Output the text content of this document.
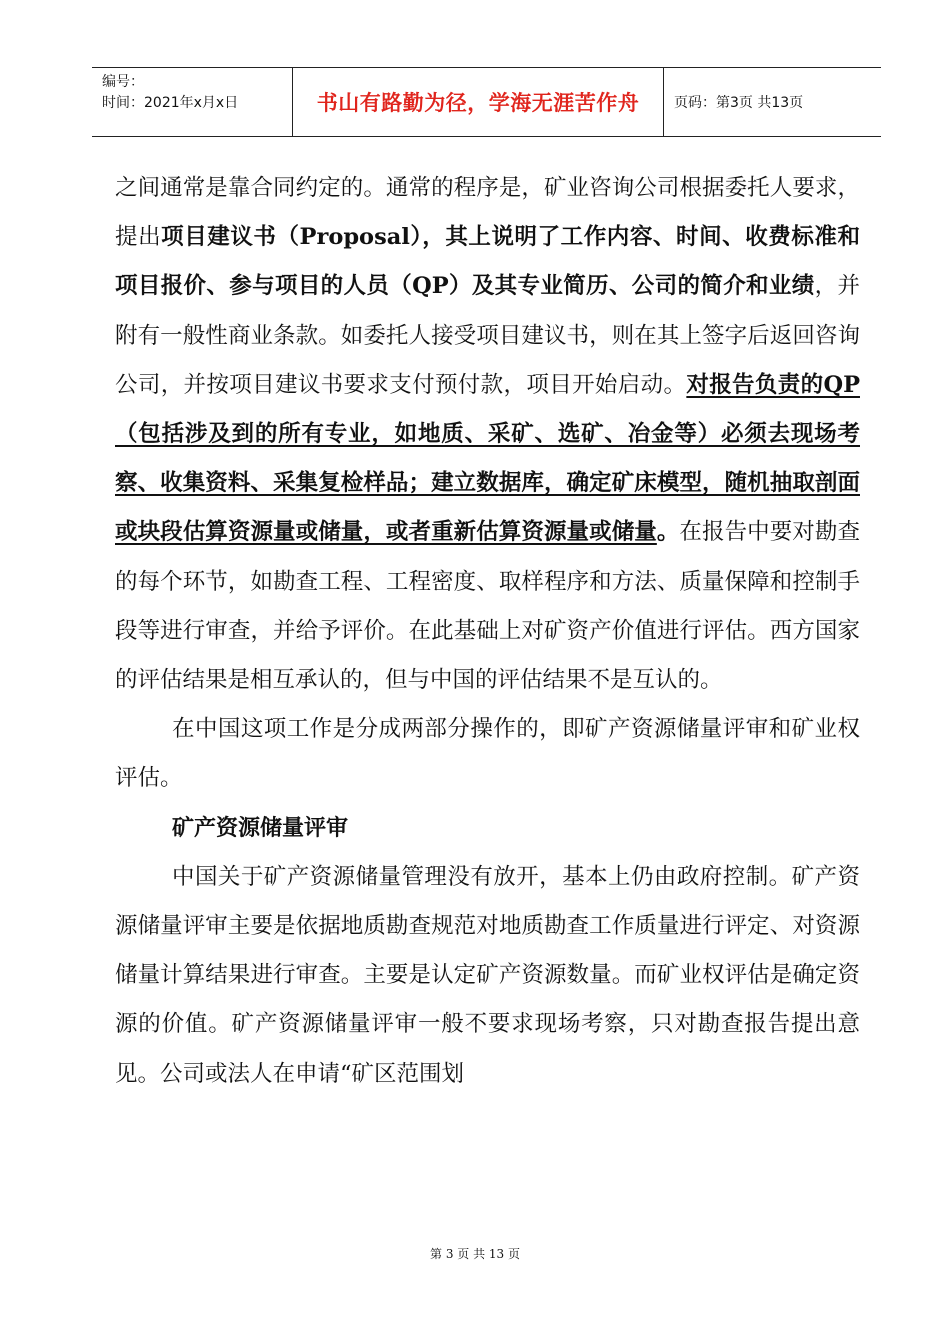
编号：
时间：2021年x月x日	书山有路勤为径，学海无涯苦作舟	页码：第3页 共13页

之间通常是靠合同约定的。通常的程序是，矿业咨询公司根据委托人要求，提出项目建议书（Proposal），其上说明了工作内容、时间、收费标准和项目报价、参与项目的人员（QP）及其专业简历、公司的简介和业绩，并附有一般性商业条款。如委托人接受项目建议书，则在其上签字后返回咨询公司，并按项目建议书要求支付预付款，项目开始启动。对报告负责的QP（包括涉及到的所有专业，如地质、采矿、选矿、冶金等）必须去现场考察、收集资料、采集复检样品；建立数据库，确定矿床模型，随机抽取剖面或块段估算资源量或储量，或者重新估算资源量或储量。在报告中要对勘查的每个环节，如勘查工程、工程密度、取样程序和方法、质量保障和控制手段等进行审查，并给予评价。在此基础上对矿资产价值进行评估。西方国家的评估结果是相互承认的，但与中国的评估结果不是互认的。

在中国这项工作是分成两部分操作的，即矿产资源储量评审和矿业权评估。

矿产资源储量评审

中国关于矿产资源储量管理没有放开，基本上仍由政府控制。矿产资源储量评审主要是依据地质勘查规范对地质勘查工作质量进行评定、对资源储量计算结果进行审查。主要是认定矿产资源数量。而矿业权评估是确定资源的价值。矿产资源储量评审一般不要求现场考察，只对勘查报告提出意见。公司或法人在申请“矿区范围划

第 3 页 共 13 页
